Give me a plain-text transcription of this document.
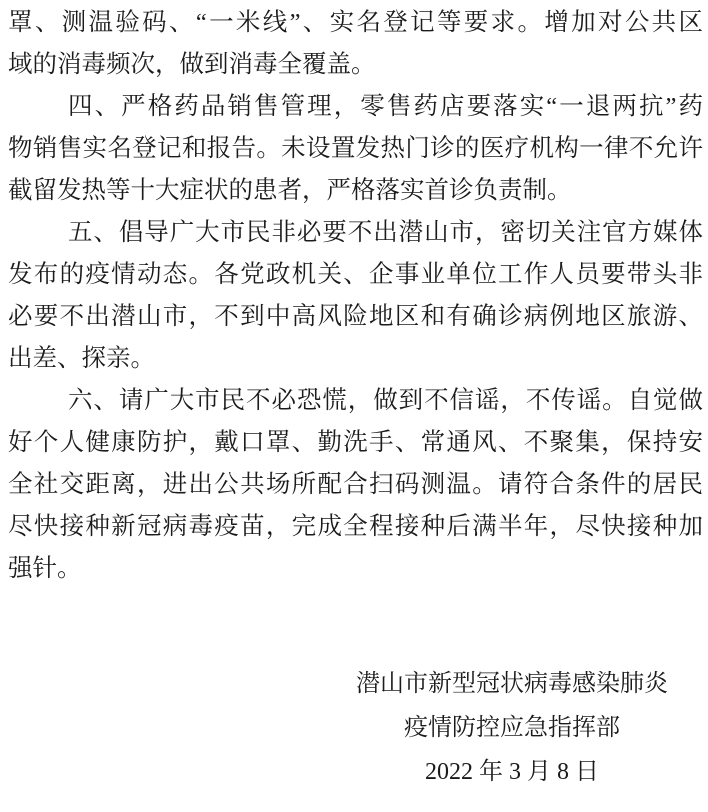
罩、测温验码、“一米线”、实名登记等要求。增加对公共区
域的消毒频次，做到消毒全覆盖。
四、严格药品销售管理，零售药店要落实“一退两抗”药
物销售实名登记和报告。未设置发热门诊的医疗机构一律不允许
截留发热等十大症状的患者，严格落实首诊负责制。
五、倡导广大市民非必要不出潜山市，密切关注官方媒体
发布的疫情动态。各党政机关、企事业单位工作人员要带头非
必要不出潜山市，不到中高风险地区和有确诊病例地区旅游、
出差、探亲。
六、请广大市民不必恐慌，做到不信谣，不传谣。自觉做
好个人健康防护，戴口罩、勤洗手、常通风、不聚集，保持安
全社交距离，进出公共场所配合扫码测温。请符合条件的居民
尽快接种新冠病毒疫苗，完成全程接种后满半年，尽快接种加
强针。
潜山市新型冠状病毒感染肺炎
疫情防控应急指挥部
2022 年 3 月 8 日
